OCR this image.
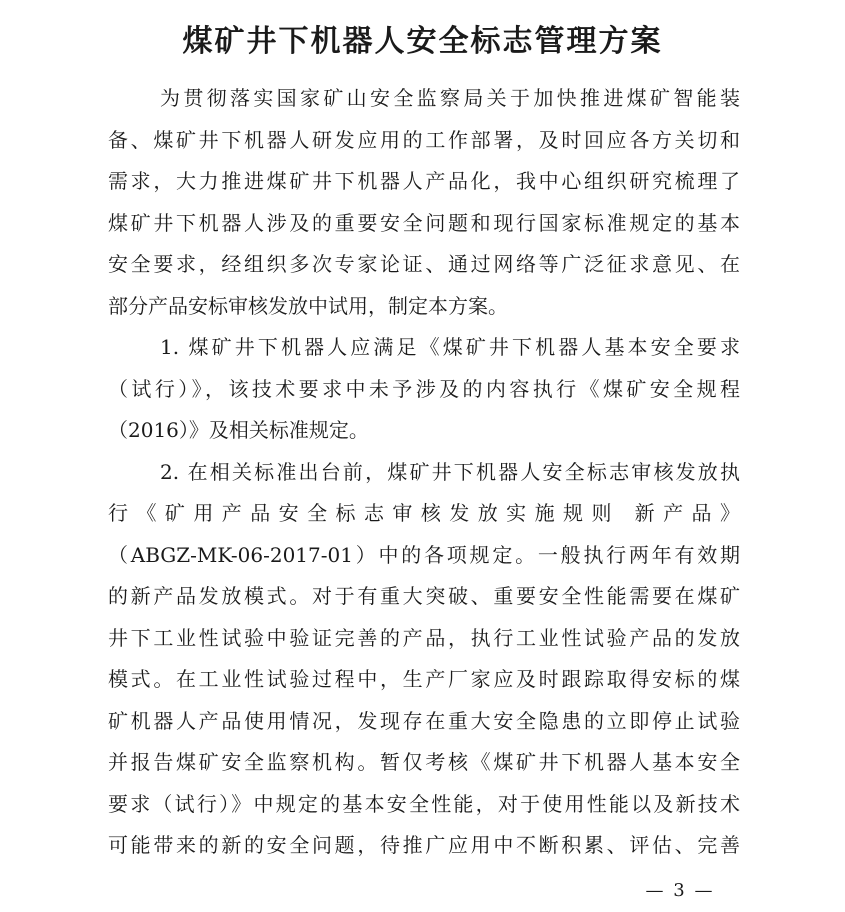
煤矿井下机器人安全标志管理方案
为贯彻落实国家矿山安全监察局关于加快推进煤矿智能装
备、煤矿井下机器人研发应用的工作部署，及时回应各方关切和
需求，大力推进煤矿井下机器人产品化，我中心组织研究梳理了
煤矿井下机器人涉及的重要安全问题和现行国家标准规定的基本
安全要求，经组织多次专家论证、通过网络等广泛征求意见、在
部分产品安标审核发放中试用，制定本方案。
1. 煤矿井下机器人应满足《煤矿井下机器人基本安全要求
（试行）》，该技术要求中未予涉及的内容执行《煤矿安全规程
（2016）》及相关标准规定。
2. 在相关标准出台前，煤矿井下机器人安全标志审核发放执
行《矿用产品安全标志审核发放实施规则 新产品》
（ABGZ-MK-06-2017-01）中的各项规定。一般执行两年有效期
的新产品发放模式。对于有重大突破、重要安全性能需要在煤矿
井下工业性试验中验证完善的产品，执行工业性试验产品的发放
模式。在工业性试验过程中，生产厂家应及时跟踪取得安标的煤
矿机器人产品使用情况，发现存在重大安全隐患的立即停止试验
并报告煤矿安全监察机构。暂仅考核《煤矿井下机器人基本安全
要求（试行）》中规定的基本安全性能，对于使用性能以及新技术
— 3 —
可能带来的新的安全问题，待推广应用中不断积累、评估、完善
